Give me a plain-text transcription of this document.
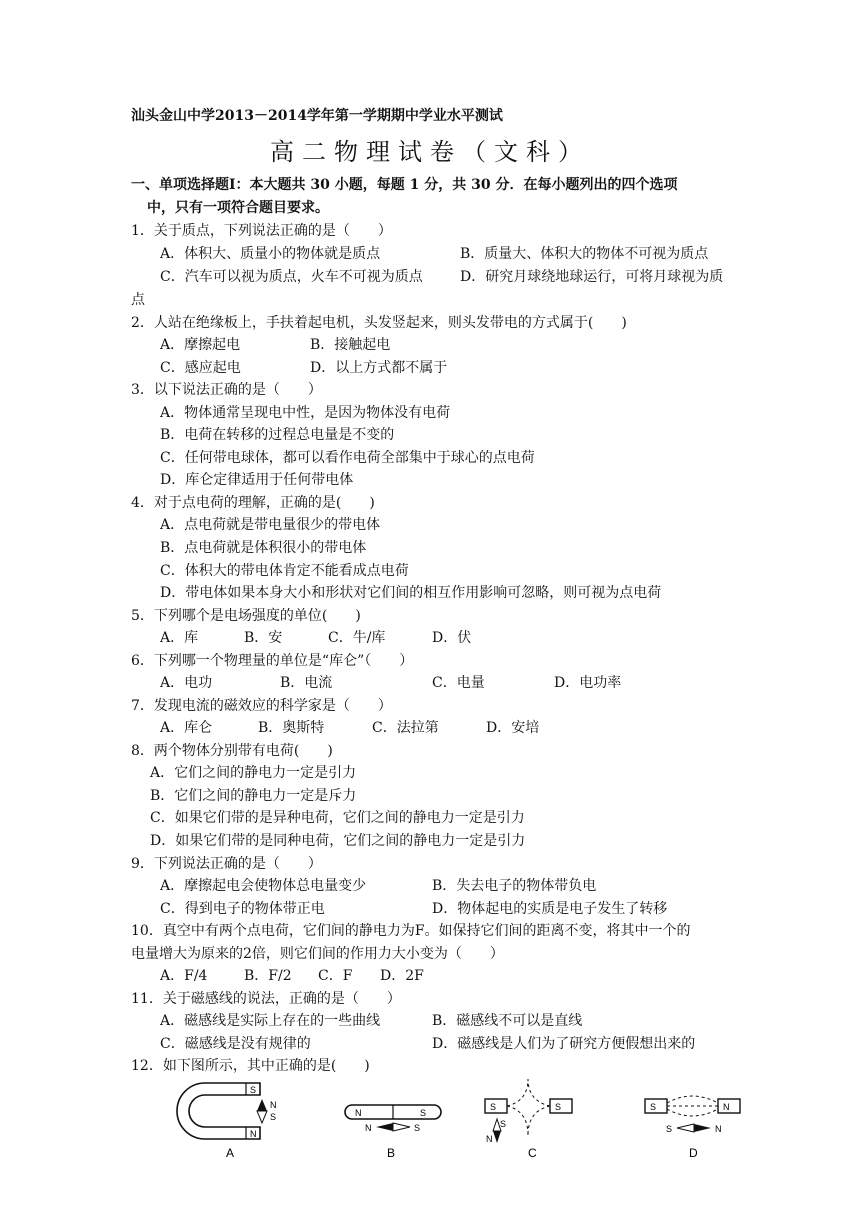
汕头金山中学2013－2014学年第一学期期中学业水平测试
高二物理试卷（文科）
一、单项选择题Ⅰ：本大题共 30 小题，每题 1 分，共 30 分．在每小题列出的四个选项
中，只有一项符合题目要求。
1．关于质点，下列说法正确的是（　　）
A．体积大、质量小的物体就是质点	B．质量大、体积大的物体不可视为质点
C．汽车可以视为质点，火车不可视为质点	D．研究月球绕地球运行，可将月球视为质
点
2．人站在绝缘板上，手扶着起电机，头发竖起来，则头发带电的方式属于(　　)
A．摩擦起电	B．接触起电
C．感应起电	D．以上方式都不属于
3．以下说法正确的是（　　）
A．物体通常呈现电中性，是因为物体没有电荷
B．电荷在转移的过程总电量是不变的
C．任何带电球体，都可以看作电荷全部集中于球心的点电荷
D．库仑定律适用于任何带电体
4．对于点电荷的理解，正确的是(　　)
A．点电荷就是带电量很少的带电体
B．点电荷就是体积很小的带电体
C．体积大的带电体肯定不能看成点电荷
D．带电体如果本身大小和形状对它们间的相互作用影响可忽略，则可视为点电荷
5．下列哪个是电场强度的单位(　　)
A．库	B．安	C．牛/库	D．伏
6．下列哪一个物理量的单位是“库仑”（　　）
A．电功	B．电流	C．电量	D．电功率
7．发现电流的磁效应的科学家是（　　）
A．库仑	B．奥斯特	C．法拉第	D．安培
8．两个物体分别带有电荷(　　)
A．它们之间的静电力一定是引力
B．它们之间的静电力一定是斥力
C．如果它们带的是异种电荷，它们之间的静电力一定是引力
D．如果它们带的是同种电荷，它们之间的静电力一定是引力
9．下列说法正确的是（　　）
A．摩擦起电会使物体总电量变少	B．失去电子的物体带负电
C．得到电子的物体带正电	D．物体起电的实质是电子发生了转移
10．真空中有两个点电荷，它们间的静电力为F。如保持它们间的距离不变，将其中一个的
电量增大为原来的2倍，则它们间的作用力大小变为（　　）
A．F/4	B．F/2 C．F D．2F
11．关于磁感线的说法，正确的是（　　）
A．磁感线是实际上存在的一些曲线	B．磁感线不可以是直线
C．磁感线是没有规律的	D．磁感线是人们为了研究方便假想出来的
12．如下图所示，其中正确的是(　　)
S
N
N
S	N	S
N	S
S	S
S
N
S	N
S	N
A	B	C	D
